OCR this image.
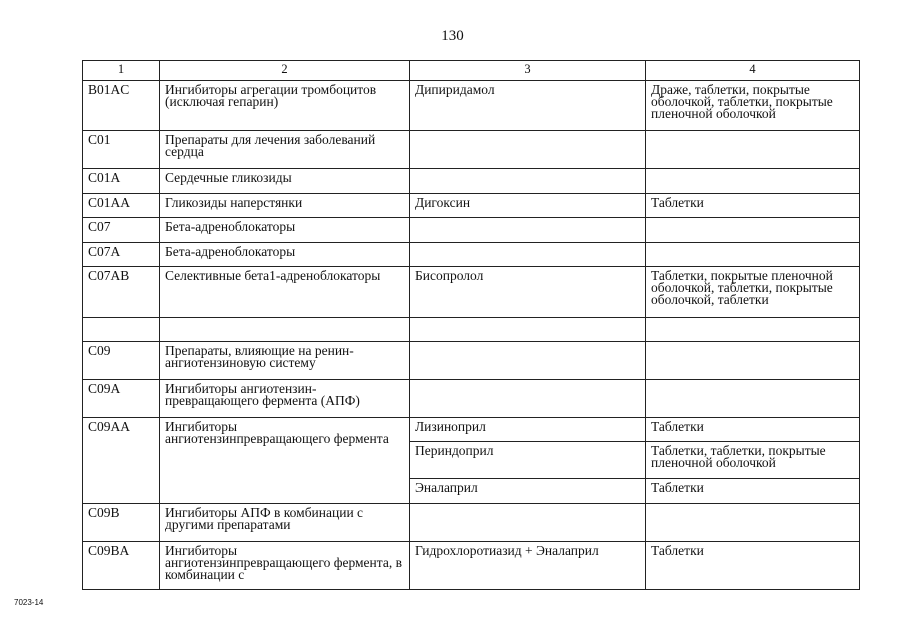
130
1	2	3	4
B01AC	Ингибиторы агрегации тромбоцитов (исключая гепарин)	Дипиридамол	Драже, таблетки, покрытые оболочкой, таблетки, покрытые пленочной оболочкой
C01	Препараты для лечения заболеваний сердца		
C01A	Сердечные гликозиды		
C01AA	Гликозиды наперстянки	Дигоксин	Таблетки
C07	Бета-адреноблокаторы		
C07A	Бета-адреноблокаторы		
C07AB	Селективные бета1-адреноблокаторы	Бисопролол	Таблетки, покрытые пленочной оболочкой, таблетки, покрытые оболочкой, таблетки

C09	Препараты, влияющие на ренин-ангиотензиновую систему		
C09A	Ингибиторы ангиотензин-превращающего фермента (АПФ)		
C09AA	Ингибиторы ангиотензинпревращающего фермента	Лизиноприл	Таблетки
		Периндоприл	Таблетки, таблетки, покрытые пленочной оболочкой
		Эналаприл	Таблетки
C09B	Ингибиторы АПФ в комбинации с другими препаратами		
C09BA	Ингибиторы ангиотензинпревращающего фермента, в комбинации с	Гидрохлоротиазид + Эналаприл	Таблетки
7023-14
